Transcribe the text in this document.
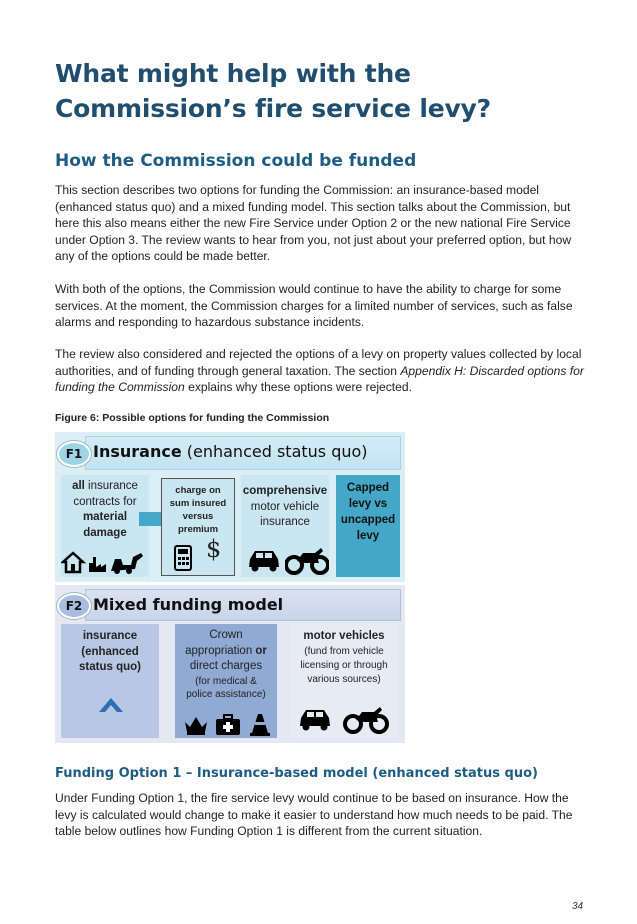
What might help with the Commission’s fire service levy?
How the Commission could be funded
This section describes two options for funding the Commission: an insurance-based model (enhanced status quo) and a mixed funding model. This section talks about the Commission, but here this also means either the new Fire Service under Option 2 or the new national Fire Service under Option 3. The review wants to hear from you, not just about your preferred option, but how any of the options could be made better.
With both of the options, the Commission would continue to have the ability to charge for some services. At the moment, the Commission charges for a limited number of services, such as false alarms and responding to hazardous substance incidents.
The review also considered and rejected the options of a levy on property values collected by local authorities, and of funding through general taxation. The section Appendix H: Discarded options for funding the Commission explains why these options were rejected.
Figure 6: Possible options for funding the Commission
F1 Insurance (enhanced status quo)
all insurance contracts for
material damage
charge on sum insured versus premium
$
comprehensive
motor vehicle insurance
Capped levy vs uncapped levy
F2 Mixed funding model
insurance (enhanced status quo)
Crown appropriation or direct charges
(for medical & police assistance)
motor vehicles
(fund from vehicle licensing or through various sources)
Funding Option 1 – Insurance-based model (enhanced status quo)
Under Funding Option 1, the fire service levy would continue to be based on insurance. How the levy is calculated would change to make it easier to understand how much needs to be paid. The table below outlines how Funding Option 1 is different from the current situation.
34
